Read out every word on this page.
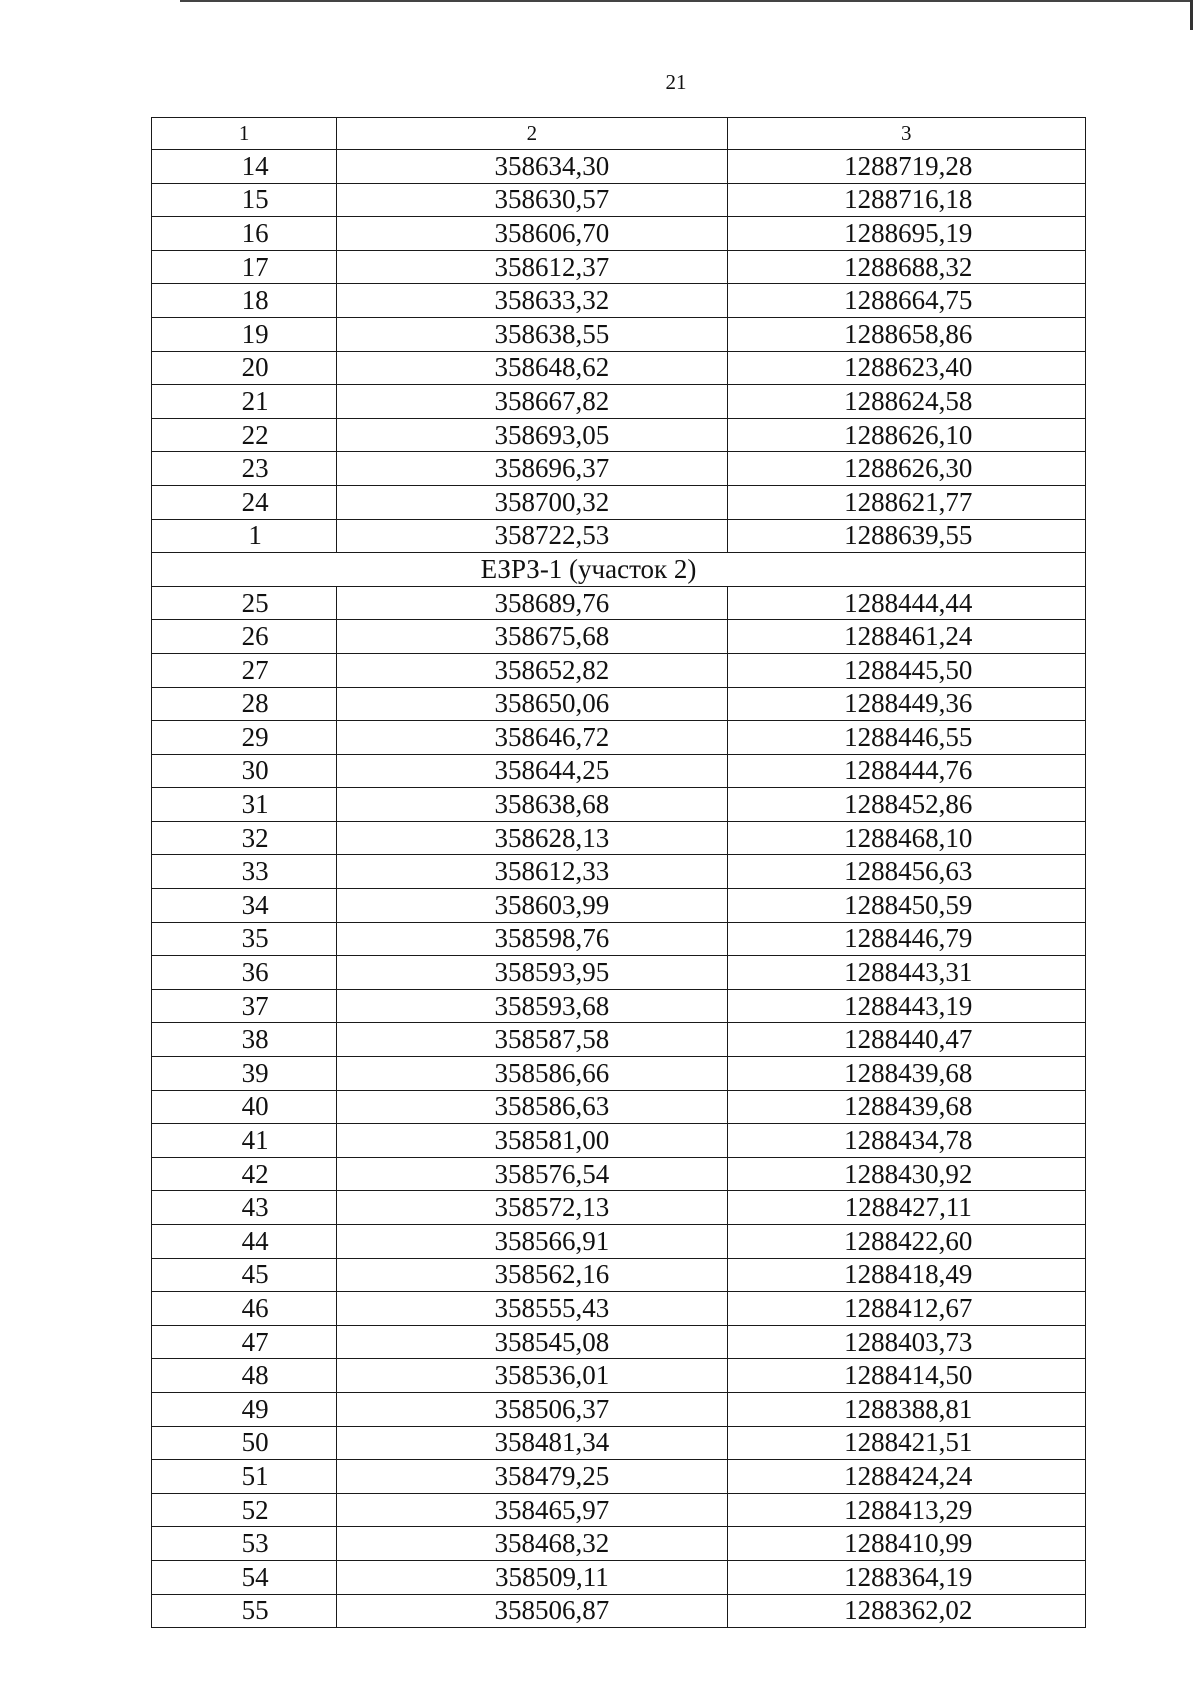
21
1	2	3
14	358634,30	1288719,28
15	358630,57	1288716,18
16	358606,70	1288695,19
17	358612,37	1288688,32
18	358633,32	1288664,75
19	358638,55	1288658,86
20	358648,62	1288623,40
21	358667,82	1288624,58
22	358693,05	1288626,10
23	358696,37	1288626,30
24	358700,32	1288621,77
1	358722,53	1288639,55
ЕЗРЗ-1 (участок 2)		
25	358689,76	1288444,44
26	358675,68	1288461,24
27	358652,82	1288445,50
28	358650,06	1288449,36
29	358646,72	1288446,55
30	358644,25	1288444,76
31	358638,68	1288452,86
32	358628,13	1288468,10
33	358612,33	1288456,63
34	358603,99	1288450,59
35	358598,76	1288446,79
36	358593,95	1288443,31
37	358593,68	1288443,19
38	358587,58	1288440,47
39	358586,66	1288439,68
40	358586,63	1288439,68
41	358581,00	1288434,78
42	358576,54	1288430,92
43	358572,13	1288427,11
44	358566,91	1288422,60
45	358562,16	1288418,49
46	358555,43	1288412,67
47	358545,08	1288403,73
48	358536,01	1288414,50
49	358506,37	1288388,81
50	358481,34	1288421,51
51	358479,25	1288424,24
52	358465,97	1288413,29
53	358468,32	1288410,99
54	358509,11	1288364,19
55	358506,87	1288362,02
